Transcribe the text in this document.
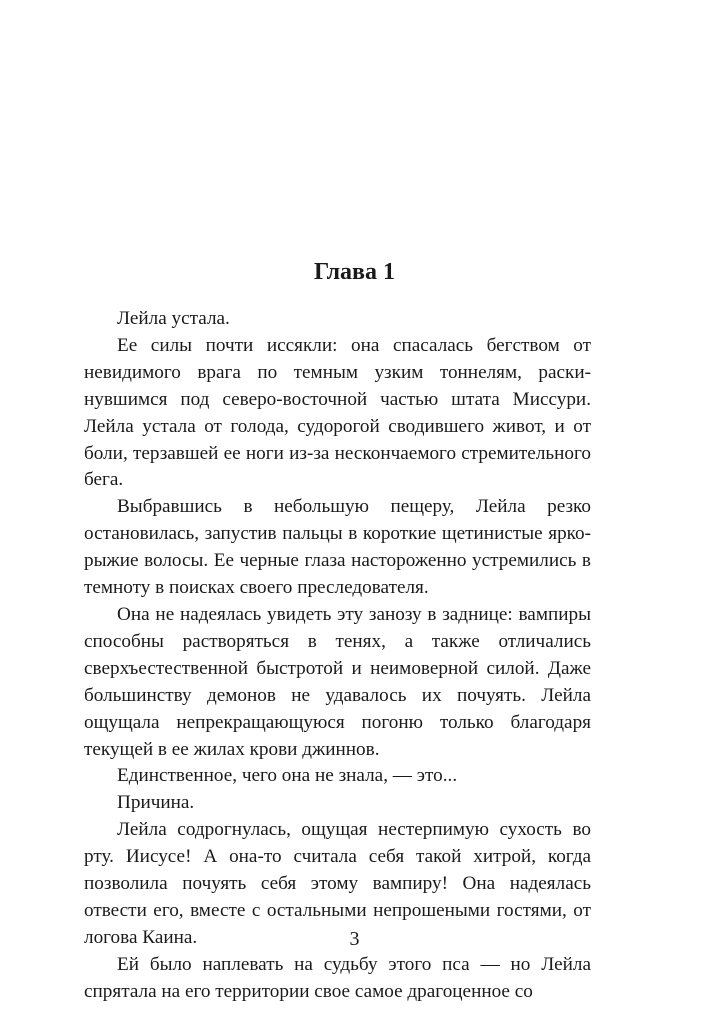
Глава 1

Лейла устала.

Ее силы почти иссякли: она спасалась бегством от невидимого врага по темным узким тоннелям, раскинувшимся под северо-восточной частью штата Миссури. Лейла устала от голода, судорогой сводившего живот, и от боли, терзавшей ее ноги из-за нескончаемого стремительного бега.

Выбравшись в небольшую пещеру, Лейла резко остановилась, запустив пальцы в короткие щетинистые ярко-рыжие волосы. Ее черные глаза настороженно устремились в темноту в поисках своего преследователя.

Она не надеялась увидеть эту занозу в заднице: вампиры способны растворяться в тенях, а также отличались сверхъестественной быстротой и неимоверной силой. Даже большинству демонов не удавалось их почуять. Лейла ощущала непрекращающуюся погоню только благодаря текущей в ее жилах крови джиннов.

Единственное, чего она не знала, — это...

Причина.

Лейла содрогнулась, ощущая нестерпимую сухость во рту. Иисусе! А она-то считала себя такой хитрой, когда позволила почуять себя этому вампиру! Она надеялась отвести его, вместе с остальными непрошеными гостями, от логова Каина.

Ей было наплевать на судьбу этого пса — но Лейла спрятала на его территории свое самое драгоценное со

3
